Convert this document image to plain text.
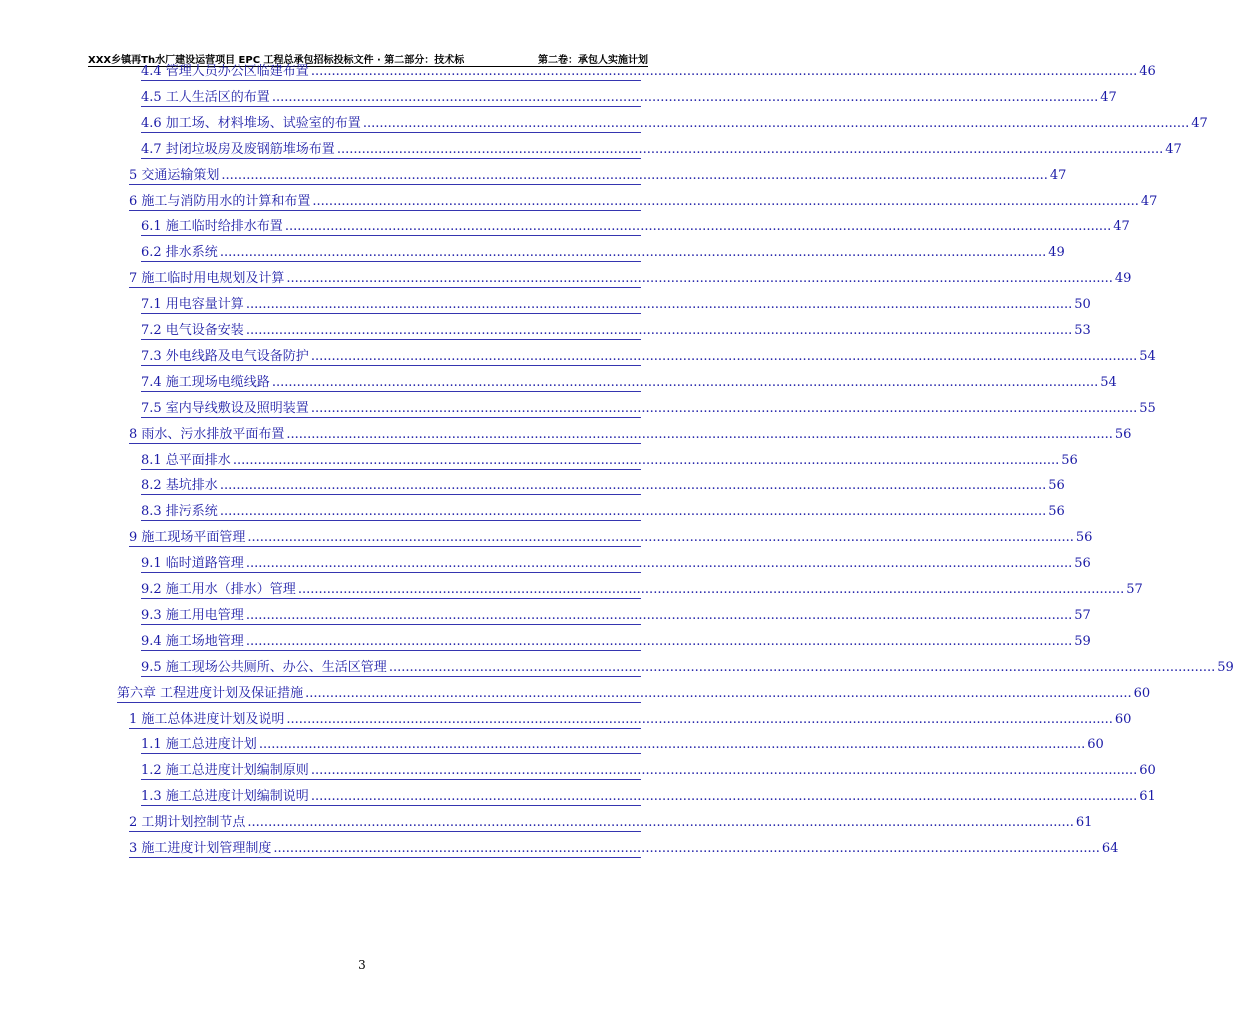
XXX乡镇再Th水厂建设运营项目 EPC 工程总承包招标投标文件 · 第二部分：技术标	第二卷：承包人实施计划
4.4 管理人员办公区临建布置 ........................................................................................................................................................................................................ 46
4.5 工人生活区的布置 ........................................................................................................................................................................................................ 47
4.6 加工场、材料堆场、试验室的布置 ........................................................................................................................................................................................................ 47
4.7 封闭垃圾房及废钢筋堆场布置 ........................................................................................................................................................................................................ 47
5 交通运输策划 ........................................................................................................................................................................................................ 47
6 施工与消防用水的计算和布置 ........................................................................................................................................................................................................ 47
6.1 施工临时给排水布置 ........................................................................................................................................................................................................ 47
6.2 排水系统 ........................................................................................................................................................................................................ 49
7 施工临时用电规划及计算 ........................................................................................................................................................................................................ 49
7.1 用电容量计算 ........................................................................................................................................................................................................ 50
7.2 电气设备安装 ........................................................................................................................................................................................................ 53
7.3 外电线路及电气设备防护 ........................................................................................................................................................................................................ 54
7.4 施工现场电缆线路 ........................................................................................................................................................................................................ 54
7.5 室内导线敷设及照明装置 ........................................................................................................................................................................................................ 55
8 雨水、污水排放平面布置 ........................................................................................................................................................................................................ 56
8.1 总平面排水 ........................................................................................................................................................................................................ 56
8.2 基坑排水 ........................................................................................................................................................................................................ 56
8.3 排污系统 ........................................................................................................................................................................................................ 56
9 施工现场平面管理 ........................................................................................................................................................................................................ 56
9.1 临时道路管理 ........................................................................................................................................................................................................ 56
9.2 施工用水（排水）管理 ........................................................................................................................................................................................................ 57
9.3 施工用电管理 ........................................................................................................................................................................................................ 57
9.4 施工场地管理 ........................................................................................................................................................................................................ 59
9.5 施工现场公共厕所、办公、生活区管理 ........................................................................................................................................................................................................ 59
第六章 工程进度计划及保证措施 ........................................................................................................................................................................................................ 60
1 施工总体进度计划及说明 ........................................................................................................................................................................................................ 60
1.1 施工总进度计划 ........................................................................................................................................................................................................ 60
1.2 施工总进度计划编制原则 ........................................................................................................................................................................................................ 60
1.3 施工总进度计划编制说明 ........................................................................................................................................................................................................ 61
2 工期计划控制节点 ........................................................................................................................................................................................................ 61
3 施工进度计划管理制度 ........................................................................................................................................................................................................ 64
3
